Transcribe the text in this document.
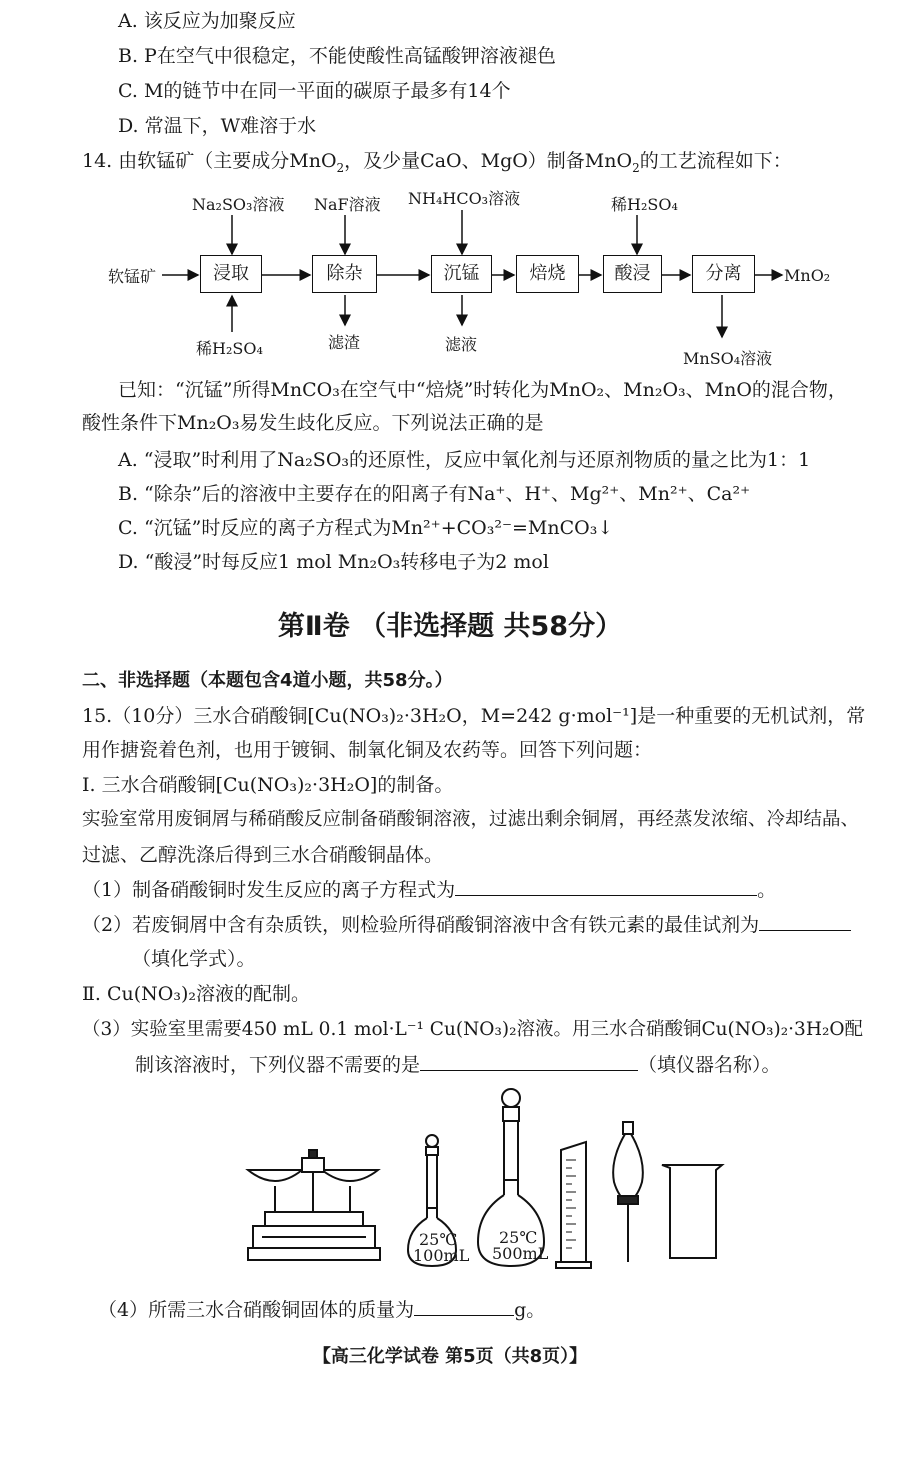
A. 该反应为加聚反应
B. P在空气中很稳定，不能使酸性高锰酸钾溶液褪色
C. M的链节中在同一平面的碳原子最多有14个
D. 常温下，W难溶于水
14. 由软锰矿（主要成分MnO$_2$，及少量CaO、MgO）制备MnO$_2$的工艺流程如下：
软锰矿	浸取	除杂	沉锰	焙烧	酸浸	分离	MnO₂
Na₂SO₃溶液
稀H₂SO₄
NaF溶液 NH₄HCO₃溶液	稀H₂SO₄
滤渣	滤液
MnSO₄溶液
已知：“沉锰”所得MnCO₃在空气中“焙烧”时转化为MnO₂、Mn₂O₃、MnO的混合物，
酸性条件下Mn₂O₃易发生歧化反应。下列说法正确的是
A. “浸取”时利用了Na₂SO₃的还原性，反应中氧化剂与还原剂物质的量之比为1：1
B. “除杂”后的溶液中主要存在的阳离子有Na⁺、H⁺、Mg²⁺、Mn²⁺、Ca²⁺
C. “沉锰”时反应的离子方程式为Mn²⁺+CO₃²⁻=MnCO₃↓
D. “酸浸”时每反应1 mol Mn₂O₃转移电子为2 mol
第Ⅱ卷 （非选择题 共58分）
二、非选择题（本题包含4道小题，共58分。）
15.（10分）三水合硝酸铜[Cu(NO₃)₂·3H₂O，M=242 g·mol⁻¹]是一种重要的无机试剂，常
用作搪瓷着色剂，也用于镀铜、制氧化铜及农药等。回答下列问题：
Ⅰ. 三水合硝酸铜[Cu(NO₃)₂·3H₂O]的制备。
实验室常用废铜屑与稀硝酸反应制备硝酸铜溶液，过滤出剩余铜屑，再经蒸发浓缩、冷却结晶、
过滤、乙醇洗涤后得到三水合硝酸铜晶体。
（1）制备硝酸铜时发生反应的离子方程式为	。
（2）若废铜屑中含有杂质铁，则检验所得硝酸铜溶液中含有铁元素的最佳试剂为
（填化学式）。
Ⅱ. Cu(NO₃)₂溶液的配制。
（3）实验室里需要450 mL 0.1 mol·L⁻¹ Cu(NO₃)₂溶液。用三水合硝酸铜Cu(NO₃)₂·3H₂O配
制该溶液时，下列仪器不需要的是	（填仪器名称）。
25℃
100mL
25℃
500mL
（4）所需三水合硝酸铜固体的质量为	g。
【高三化学试卷 第5页（共8页）】
